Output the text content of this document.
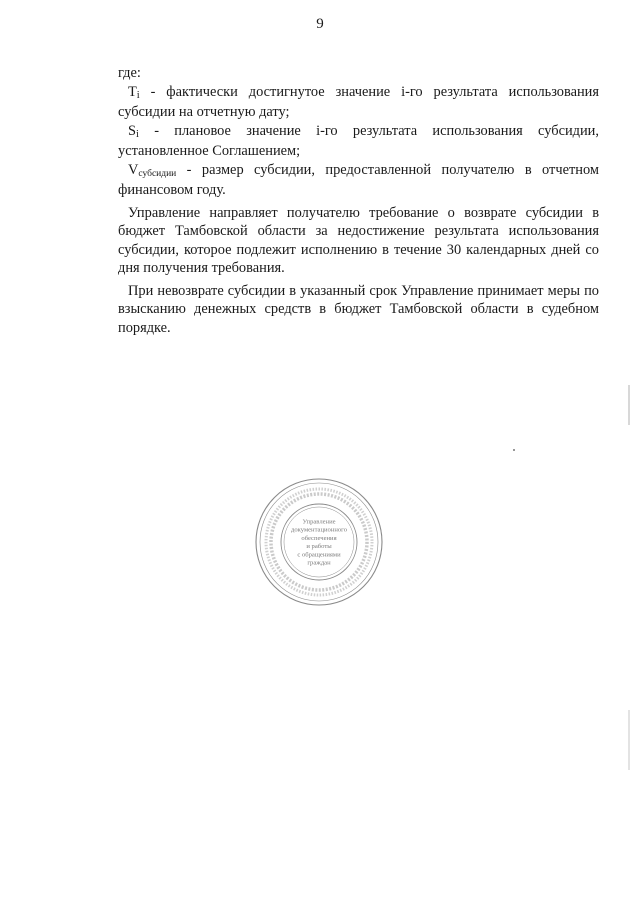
9

где:

Ti - фактически достигнутое значение i-го результата использования

субсидии на отчетную дату;

Si - плановое значение i-го результата использования субсидии,

установленное Соглашением;

Vсубсидии - размер субсидии, предоставленной получателю в отчетном

финансовом году.

Управление направляет получателю требование о возврате субсидии в бюджет Тамбовской области за недостижение результата использования субсидии, которое подлежит исполнению в течение 30 календарных дней со дня получения требования.

При невозврате субсидии в указанный срок Управление принимает меры по взысканию денежных средств в бюджет Тамбовской области в судебном порядке.

Управление
документационного
обеспечения
и работы
с обращениями
граждан
